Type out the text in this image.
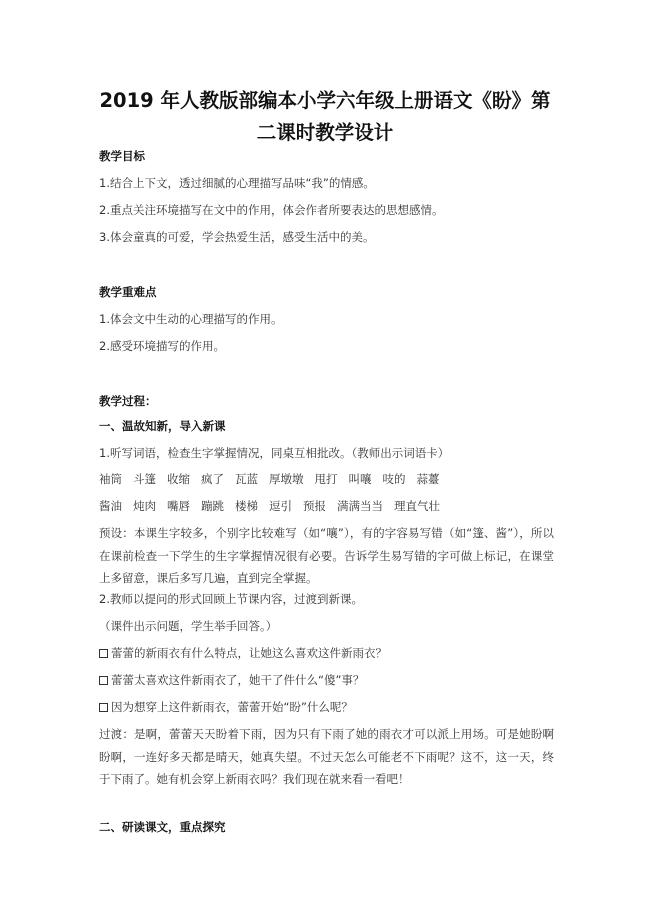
2019 年人教版部编本小学六年级上册语文《盼》第
二课时教学设计
教学目标
1.结合上下文，透过细腻的心理描写品味“我”的情感。
2.重点关注环境描写在文中的作用，体会作者所要表达的思想感情。
3.体会童真的可爱，学会热爱生活，感受生活中的美。
教学重难点
1.体会文中生动的心理描写的作用。
2.感受环境描写的作用。
教学过程：
一、温故知新，导入新课
1.听写词语，检查生字掌握情况，同桌互相批改。（教师出示词语卡）
袖筒 斗篷 收缩 疯了 瓦蓝 厚墩墩 甩打 叫嚷 吱的 蒜薹
酱油 炖肉 嘴唇 蹦跳 楼梯 逗引 预报 满满当当 理直气壮
预设：本课生字较多，个别字比较难写（如“嚷”），有的字容易写错（如“篷、酱”），所以在课前检查一下学生的生字掌握情况很有必要。告诉学生易写错的字可做上标记，在课堂上多留意，课后多写几遍，直到完全掌握。
2.教师以提问的形式回顾上节课内容，过渡到新课。
（课件出示问题，学生举手回答。）
蕾蕾的新雨衣有什么特点，让她这么喜欢这件新雨衣？
蕾蕾太喜欢这件新雨衣了，她干了件什么“傻”事？
因为想穿上这件新雨衣，蕾蕾开始“盼”什么呢？
过渡：是啊，蕾蕾天天盼着下雨，因为只有下雨了她的雨衣才可以派上用场。可是她盼啊盼啊，一连好多天都是晴天，她真失望。不过天怎么可能老不下雨呢？这不，这一天，终于下雨了。她有机会穿上新雨衣吗？我们现在就来看一看吧！
二、研读课文，重点探究
